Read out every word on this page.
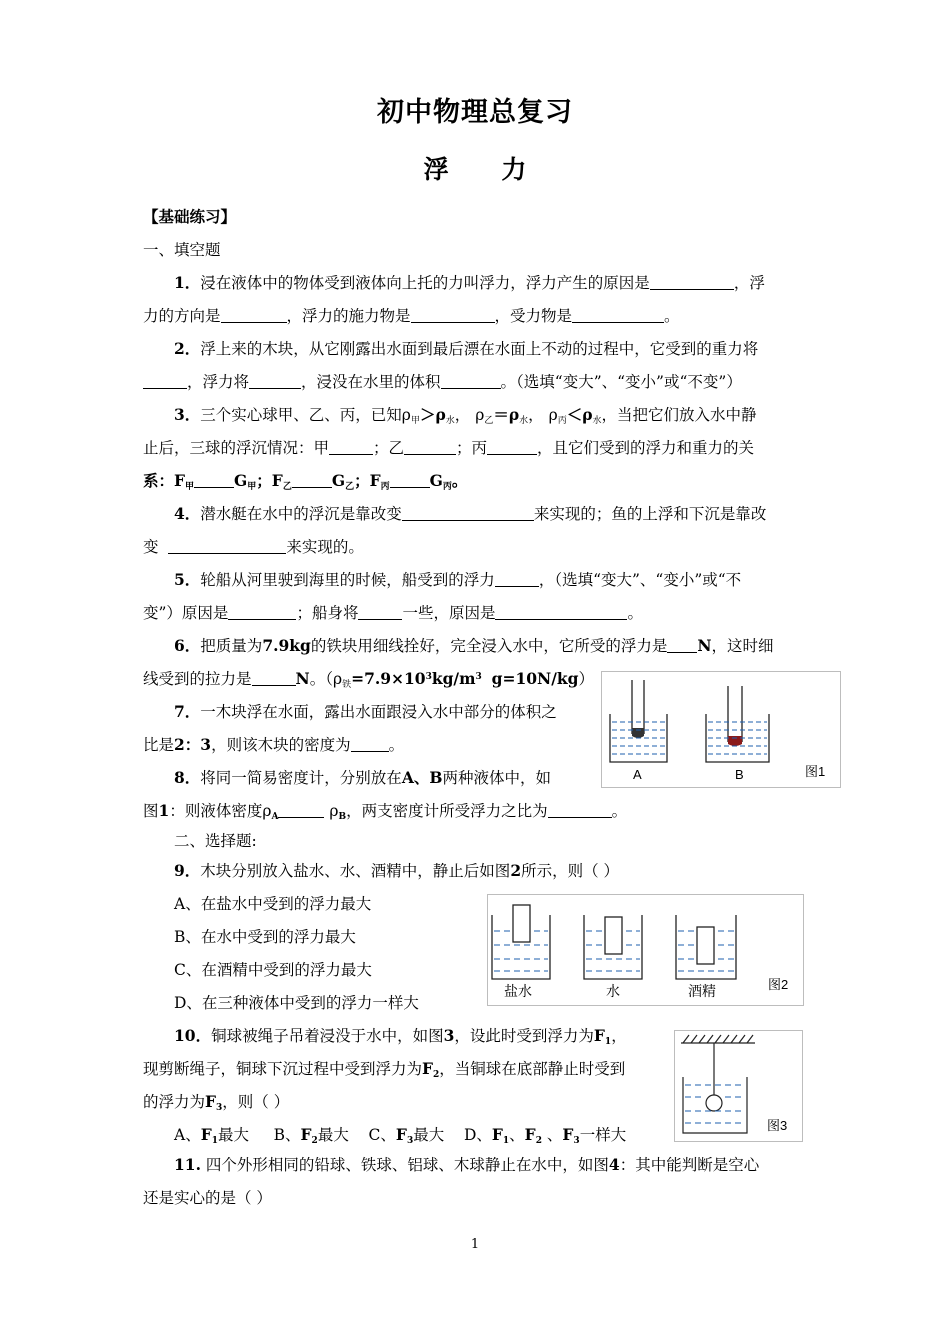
初中物理总复习
浮 力
【基础练习】
一、填空题
1．浸在液体中的物体受到液体向上托的力叫浮力，浮力产生的原因是	，浮
力的方向是	，浮力的施力物是	，受力物是	。
2．浮上来的木块，从它刚露出水面到最后漂在水面上不动的过程中，它受到的重力将
，浮力将	，浸没在水里的体积	。（选填“变大”、“变小”或“不变”）
3．三个实心球甲、乙、丙，已知$\rho_甲>\rho_水$， $\rho_乙=\rho_水$， $\rho_丙<\rho_水$，当把它们放入水中静
止后，三球的浮沉情况：甲	；乙	；丙	，且它们受到的浮力和重力的关
系：$F_甲$	$G_甲$；$F_乙$	$G_乙$；$F_丙$	$G_丙$。
4．潜水艇在水中的浮沉是靠改变	来实现的；鱼的上浮和下沉是靠改
变	来实现的。
5．轮船从河里驶到海里的时候，船受到的浮力	，（选填“变大”、“变小”或“不
变”）原因是	；船身将	一些，原因是	。
6．把质量为7.9kg的铁块用细线拴好，完全浸入水中，它所受的浮力是 N，这时细
线受到的拉力是	N。（$\rho_铁=7.9\times 10^3kg/m^3$ g=10N/kg）
7．一木块浮在水面，露出水面跟浸入水中部分的体积之
比是2：3，则该木块的密度为 。
8．将同一简易密度计，分别放在A、B两种液体中，如
图1：则液体密度$\rho_A$	$\rho_B$，两支密度计所受浮力之比为	。
A	B	图1
二、选择题:
9．木块分别放入盐水、水、酒精中，静止后如图2所示，则（ ）
A、在盐水中受到的浮力最大
B、在水中受到的浮力最大
C、在酒精中受到的浮力最大
D、在三种液体中受到的浮力一样大
盐水	水	酒精	图2
10．铜球被绳子吊着浸没于水中，如图3，设此时受到浮力为$F_1$，
现剪断绳子，铜球下沉过程中受到浮力为$F_2$，当铜球在底部静止时受到
的浮力为$F_3$，则（ ）
A、$F_1$最大 B、$F_2$最大 C、$F_3$最大 D、$F_1$、$F_2$ 、$F_3$一样大
图3
11. 四个外形相同的铅球、铁球、铝球、木球静止在水中，如图4：其中能判断是空心
还是实心的是（ ）
1
